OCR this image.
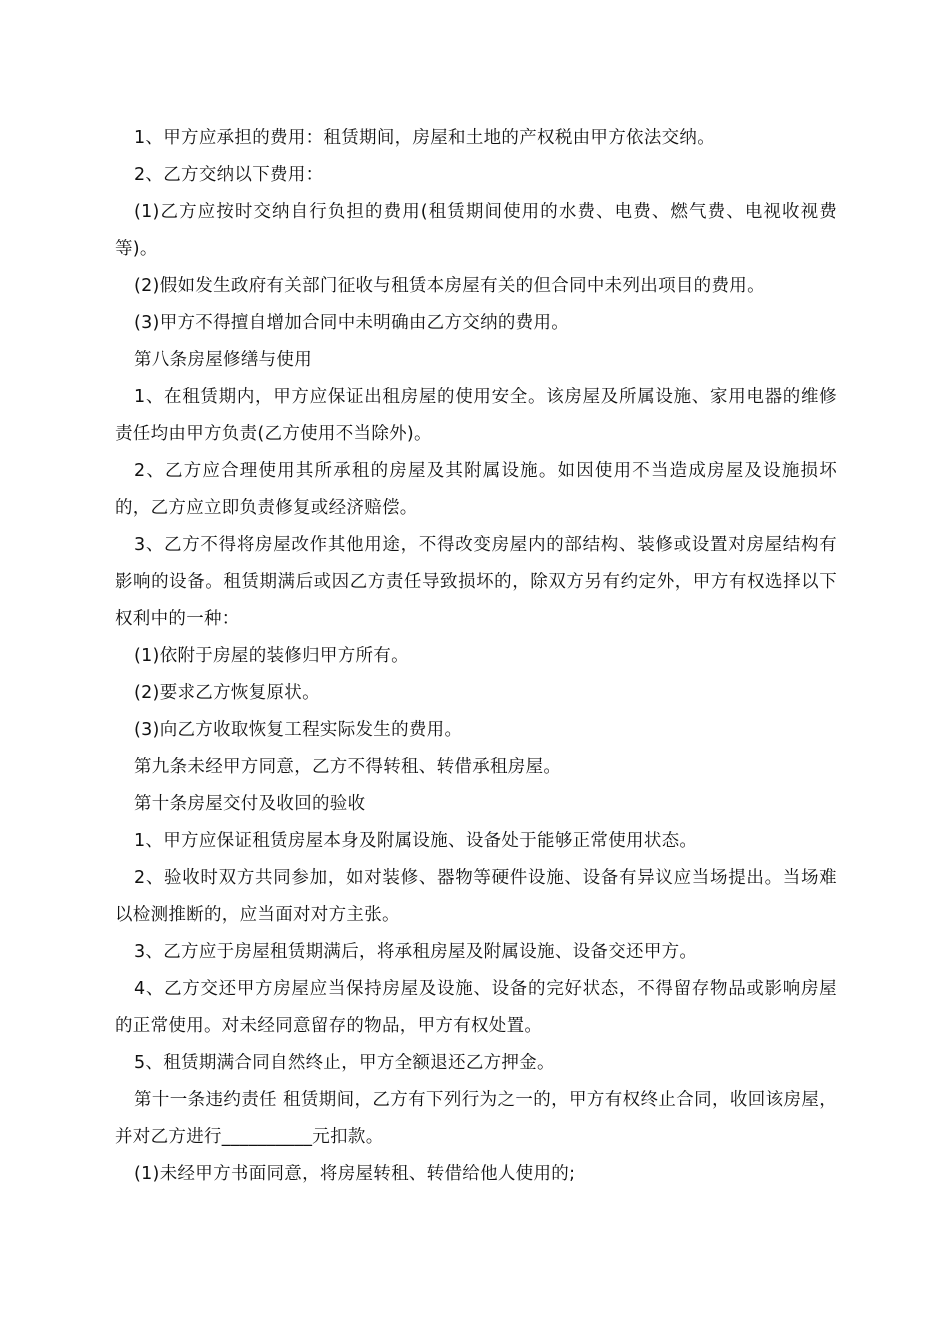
1、甲方应承担的费用：租赁期间，房屋和土地的产权税由甲方依法交纳。

2、乙方交纳以下费用：

(1)乙方应按时交纳自行负担的费用(租赁期间使用的水费、电费、燃气费、电视收视费等)。

(2)假如发生政府有关部门征收与租赁本房屋有关的但合同中未列出项目的费用。

(3)甲方不得擅自增加合同中未明确由乙方交纳的费用。

第八条房屋修缮与使用

1、在租赁期内，甲方应保证出租房屋的使用安全。该房屋及所属设施、家用电器的维修责任均由甲方负责(乙方使用不当除外)。

2、乙方应合理使用其所承租的房屋及其附属设施。如因使用不当造成房屋及设施损坏的，乙方应立即负责修复或经济赔偿。

3、乙方不得将房屋改作其他用途，不得改变房屋内的部结构、装修或设置对房屋结构有影响的设备。租赁期满后或因乙方责任导致损坏的，除双方另有约定外，甲方有权选择以下权利中的一种：

(1)依附于房屋的装修归甲方所有。

(2)要求乙方恢复原状。

(3)向乙方收取恢复工程实际发生的费用。

第九条未经甲方同意，乙方不得转租、转借承租房屋。

第十条房屋交付及收回的验收

1、甲方应保证租赁房屋本身及附属设施、设备处于能够正常使用状态。

2、验收时双方共同参加，如对装修、器物等硬件设施、设备有异议应当场提出。当场难以检测推断的，应当面对对方主张。

3、乙方应于房屋租赁期满后，将承租房屋及附属设施、设备交还甲方。

4、乙方交还甲方房屋应当保持房屋及设施、设备的完好状态，不得留存物品或影响房屋的正常使用。对未经同意留存的物品，甲方有权处置。

5、租赁期满合同自然终止，甲方全额退还乙方押金。

第十一条违约责任 租赁期间，乙方有下列行为之一的，甲方有权终止合同，收回该房屋，并对乙方进行__________元扣款。

(1)未经甲方书面同意，将房屋转租、转借给他人使用的;
